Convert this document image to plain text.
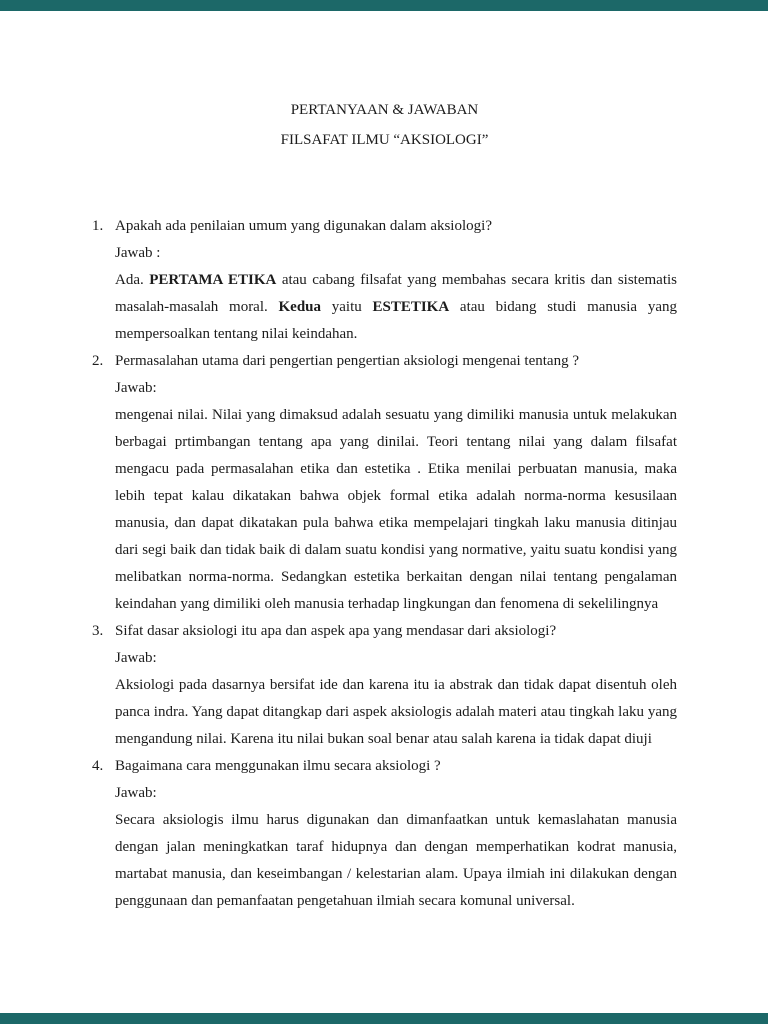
PERTANYAAN & JAWABAN
FILSAFAT ILMU “AKSIOLOGI”
1. Apakah ada penilaian umum yang digunakan dalam aksiologi?
Jawab :

Ada. PERTAMA ETIKA atau cabang filsafat yang membahas secara kritis dan sistematis masalah-masalah moral. Kedua yaitu ESTETIKA atau bidang studi manusia yang mempersoalkan tentang nilai keindahan.

2. Permasalahan utama dari pengertian pengertian aksiologi mengenai tentang ?
Jawab:

mengenai nilai. Nilai yang dimaksud adalah sesuatu yang dimiliki manusia untuk melakukan berbagai prtimbangan tentang apa yang dinilai. Teori tentang nilai yang dalam filsafat mengacu pada permasalahan etika dan estetika . Etika menilai perbuatan manusia, maka lebih tepat kalau dikatakan bahwa objek formal etika adalah norma-norma kesusilaan manusia, dan dapat dikatakan pula bahwa etika mempelajari tingkah laku manusia ditinjau dari segi baik dan tidak baik di dalam suatu kondisi yang normative, yaitu suatu kondisi yang melibatkan norma-norma. Sedangkan estetika berkaitan dengan nilai tentang pengalaman keindahan yang dimiliki oleh manusia terhadap lingkungan dan fenomena di sekelilingnya

3. Sifat dasar aksiologi itu apa dan aspek apa yang mendasar dari aksiologi?
Jawab:

Aksiologi pada dasarnya bersifat ide dan karena itu ia abstrak dan tidak dapat disentuh oleh panca indra. Yang dapat ditangkap dari aspek aksiologis adalah materi atau tingkah laku yang mengandung nilai. Karena itu nilai bukan soal benar atau salah karena ia tidak dapat diuji

4. Bagaimana cara menggunakan ilmu secara aksiologi ?
Jawab:

Secara aksiologis ilmu harus digunakan dan dimanfaatkan untuk kemaslahatan manusia dengan jalan meningkatkan taraf hidupnya dan dengan memperhatikan kodrat manusia, martabat manusia, dan keseimbangan / kelestarian alam. Upaya ilmiah ini dilakukan dengan penggunaan dan pemanfaatan pengetahuan ilmiah secara komunal universal.
